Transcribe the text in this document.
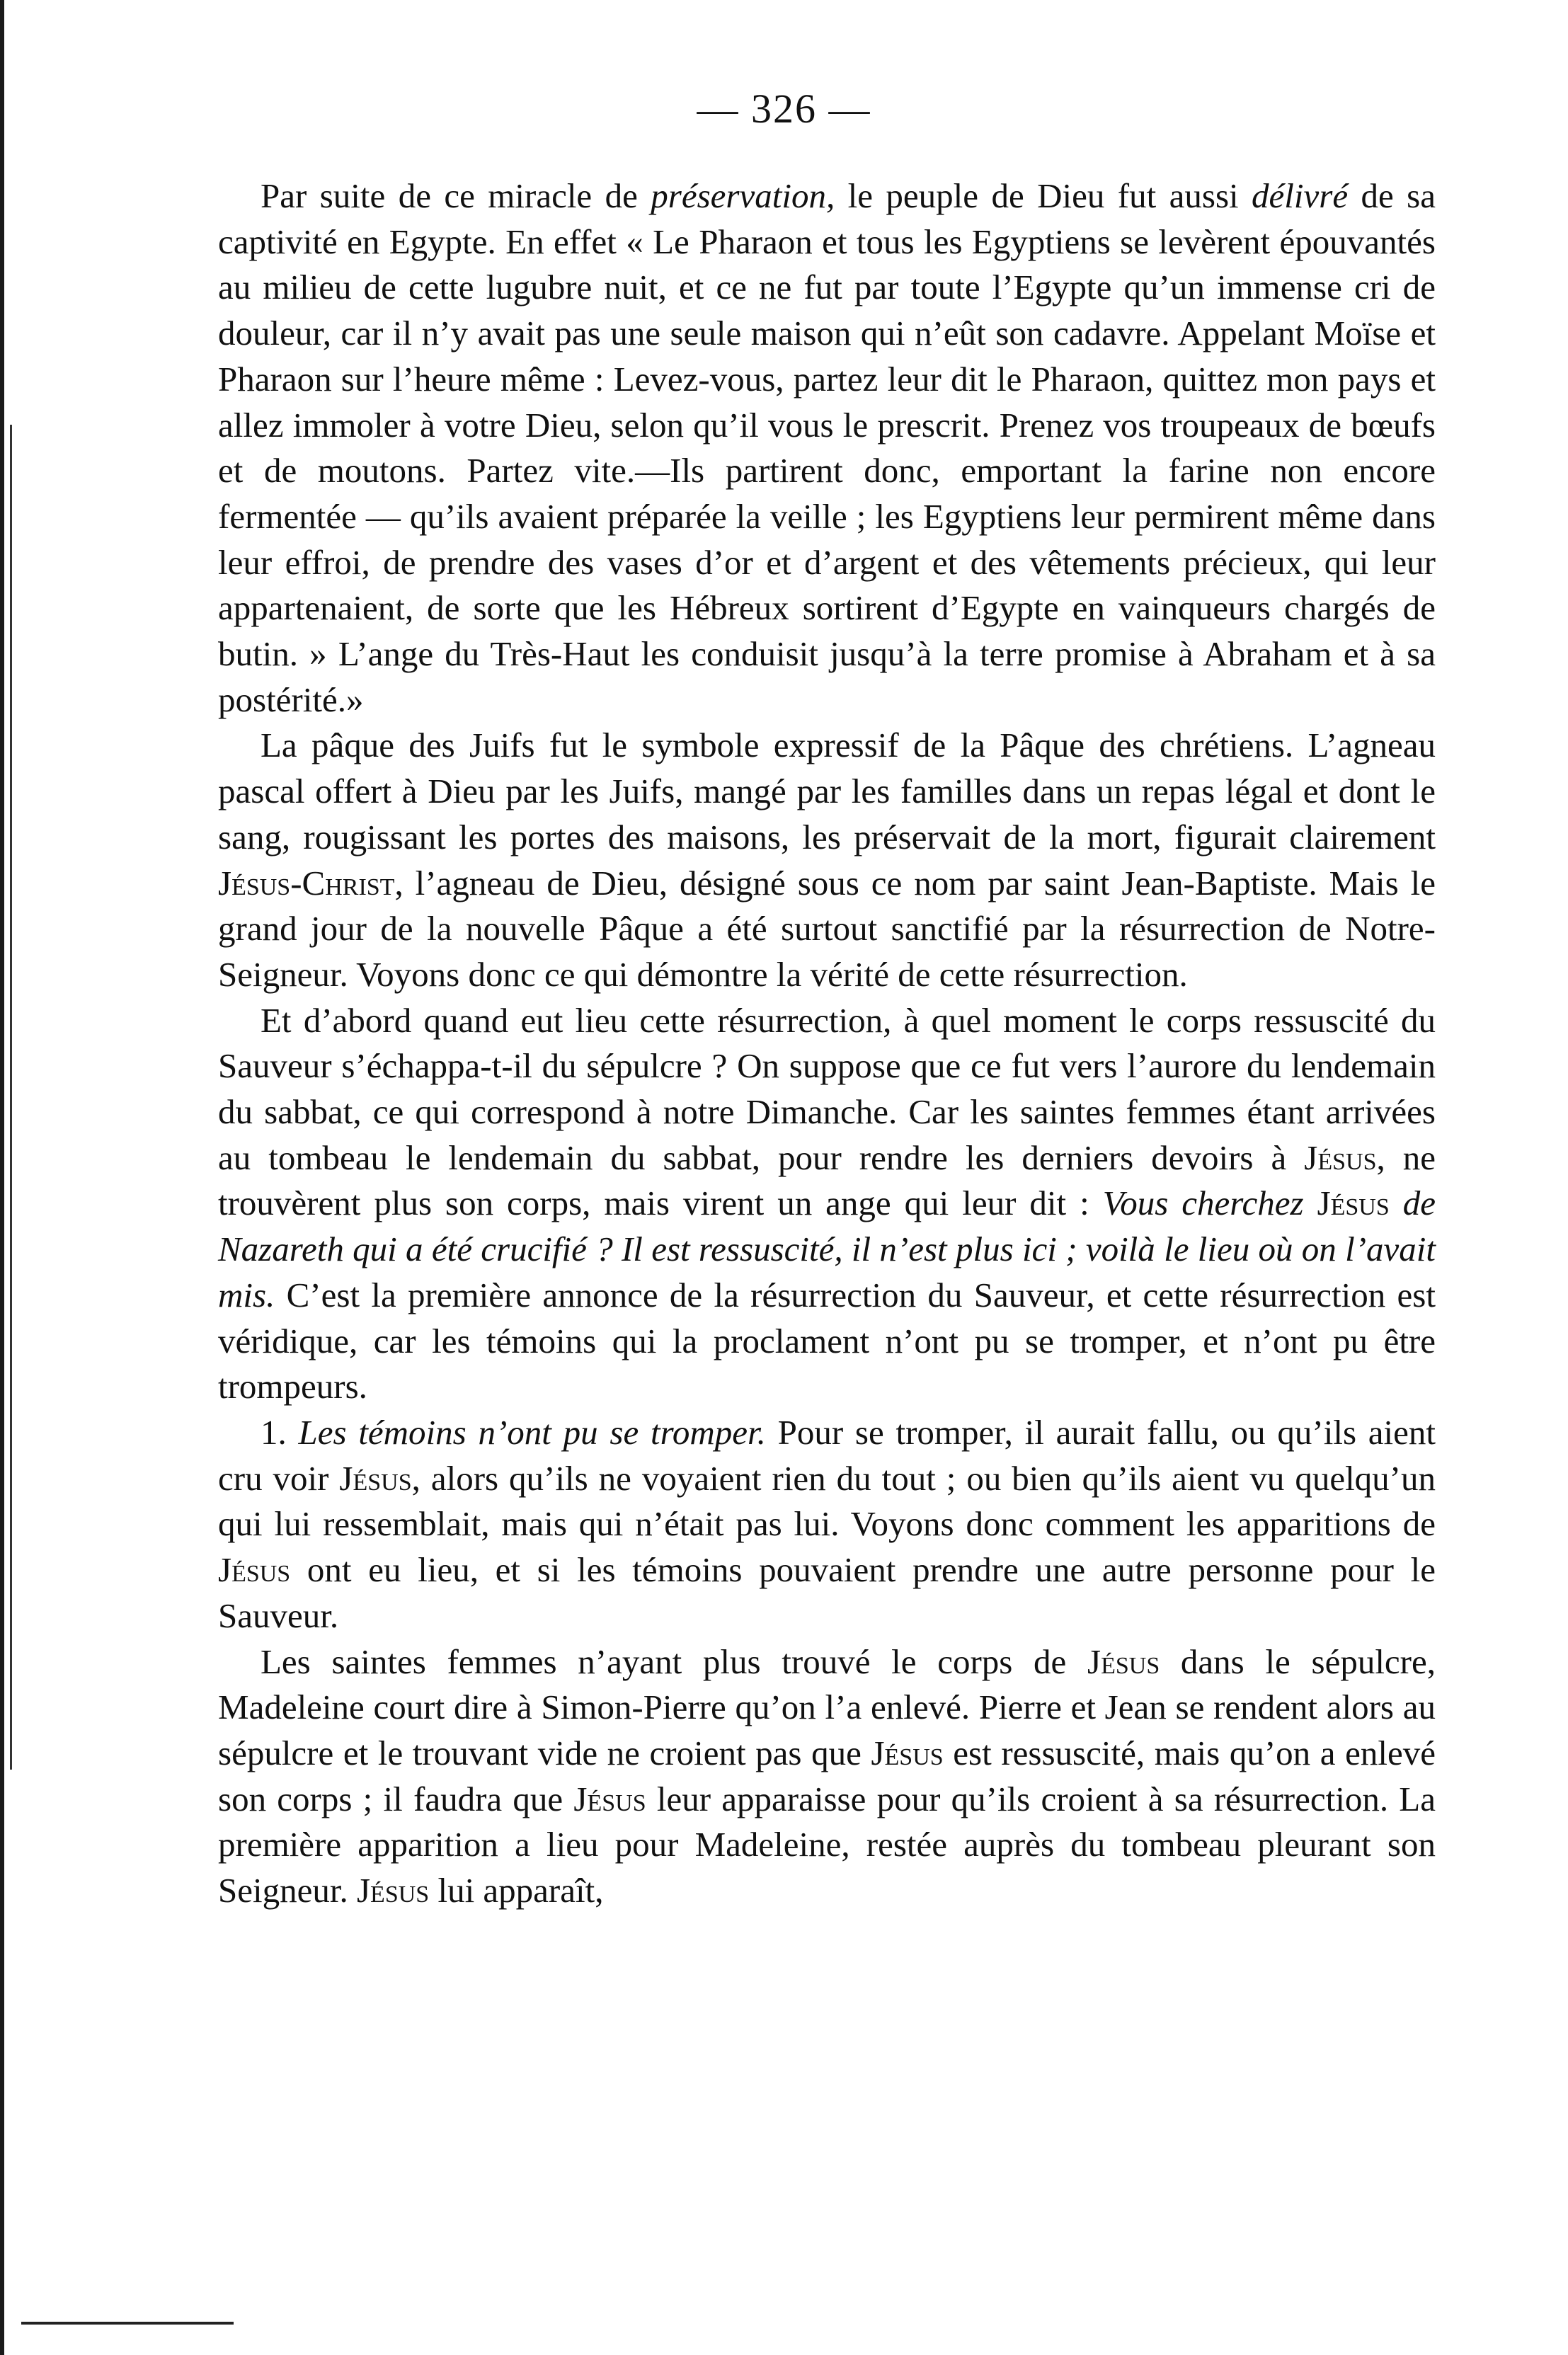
— 326 —

Par suite de ce miracle de préservation, le peuple de Dieu fut aussi délivré de sa captivité en Egypte. En effet « Le Pharaon et tous les Egyptiens se levèrent épouvantés au milieu de cette lugubre nuit, et ce ne fut par toute l’Egypte qu’un immense cri de douleur, car il n’y avait pas une seule maison qui n’eût son cadavre. Appelant Moïse et Pharaon sur l’heure même : Levez-vous, partez leur dit le Pharaon, quittez mon pays et allez immoler à votre Dieu, selon qu’il vous le prescrit. Prenez vos troupeaux de bœufs et de moutons. Partez vite.—Ils partirent donc, emportant la farine non encore fermentée — qu’ils avaient préparée la veille ; les Egyptiens leur permirent même dans leur effroi, de prendre des vases d’or et d’argent et des vêtements précieux, qui leur appartenaient, de sorte que les Hébreux sortirent d’Egypte en vainqueurs chargés de butin. » L’ange du Très-Haut les conduisit jusqu’à la terre promise à Abraham et à sa postérité.»

La pâque des Juifs fut le symbole expressif de la Pâque des chrétiens. L’agneau pascal offert à Dieu par les Juifs, mangé par les familles dans un repas légal et dont le sang, rougissant les portes des maisons, les préservait de la mort, figurait clairement Jésus-Christ, l’agneau de Dieu, désigné sous ce nom par saint Jean-Baptiste. Mais le grand jour de la nouvelle Pâque a été surtout sanctifié par la résurrection de Notre-Seigneur. Voyons donc ce qui démontre la vérité de cette résurrection.

Et d’abord quand eut lieu cette résurrection, à quel moment le corps ressuscité du Sauveur s’échappa-t-il du sépulcre ? On suppose que ce fut vers l’aurore du lendemain du sabbat, ce qui correspond à notre Dimanche. Car les saintes femmes étant arrivées au tombeau le lendemain du sabbat, pour rendre les derniers devoirs à Jésus, ne trouvèrent plus son corps, mais virent un ange qui leur dit : Vous cherchez Jésus de Nazareth qui a été crucifié ? Il est ressuscité, il n’est plus ici ; voilà le lieu où on l’avait mis. C’est la première annonce de la résurrection du Sauveur, et cette résurrection est véridique, car les témoins qui la proclament n’ont pu se tromper, et n’ont pu être trompeurs.

1. Les témoins n’ont pu se tromper. Pour se tromper, il aurait fallu, ou qu’ils aient cru voir Jésus, alors qu’ils ne voyaient rien du tout ; ou bien qu’ils aient vu quelqu’un qui lui ressemblait, mais qui n’était pas lui. Voyons donc comment les apparitions de Jésus ont eu lieu, et si les témoins pouvaient prendre une autre personne pour le Sauveur.

Les saintes femmes n’ayant plus trouvé le corps de Jésus dans le sépulcre, Madeleine court dire à Simon-Pierre qu’on l’a enlevé. Pierre et Jean se rendent alors au sépulcre et le trouvant vide ne croient pas que Jésus est ressuscité, mais qu’on a enlevé son corps ; il faudra que Jésus leur apparaisse pour qu’ils croient à sa résurrection. La première apparition a lieu pour Madeleine, restée auprès du tombeau pleurant son Seigneur. Jésus lui apparaît,
